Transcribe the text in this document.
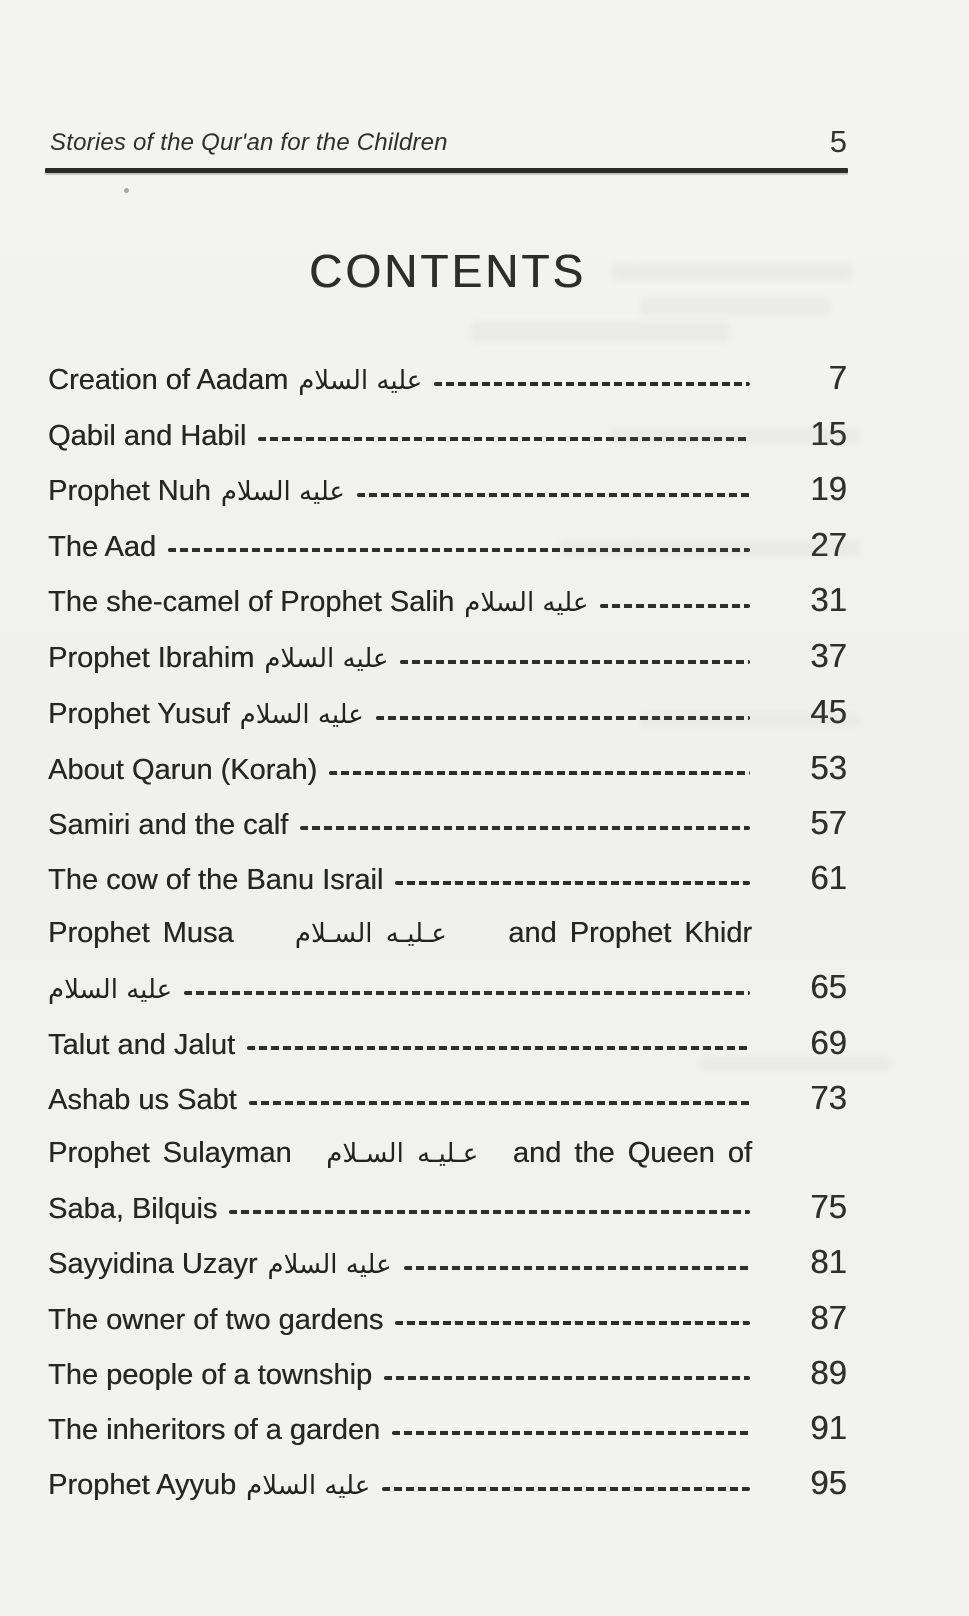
Stories of the Qur'an for the Children	5
CONTENTS
Creation of Aadam عليه السلام	7
Qabil and Habil	15
Prophet Nuh عليه السلام	19
The Aad	27
The she-camel of Prophet Salih عليه السلام	31
Prophet Ibrahim عليه السلام	37
Prophet Yusuf عليه السلام	45
About Qarun (Korah)	53
Samiri and the calf	57
The cow of the Banu Israil	61
Prophet Musa عـليـه السـلام and Prophet Khidr
عليه السلام	65
Talut and Jalut	69
Ashab us Sabt	73
Prophet Sulayman عـليـه السـلام and the Queen of
Saba, Bilquis	75
Sayyidina Uzayr عليه السلام	81
The owner of two gardens	87
The people of a township	89
The inheritors of a garden	91
Prophet Ayyub عليه السلام	95
